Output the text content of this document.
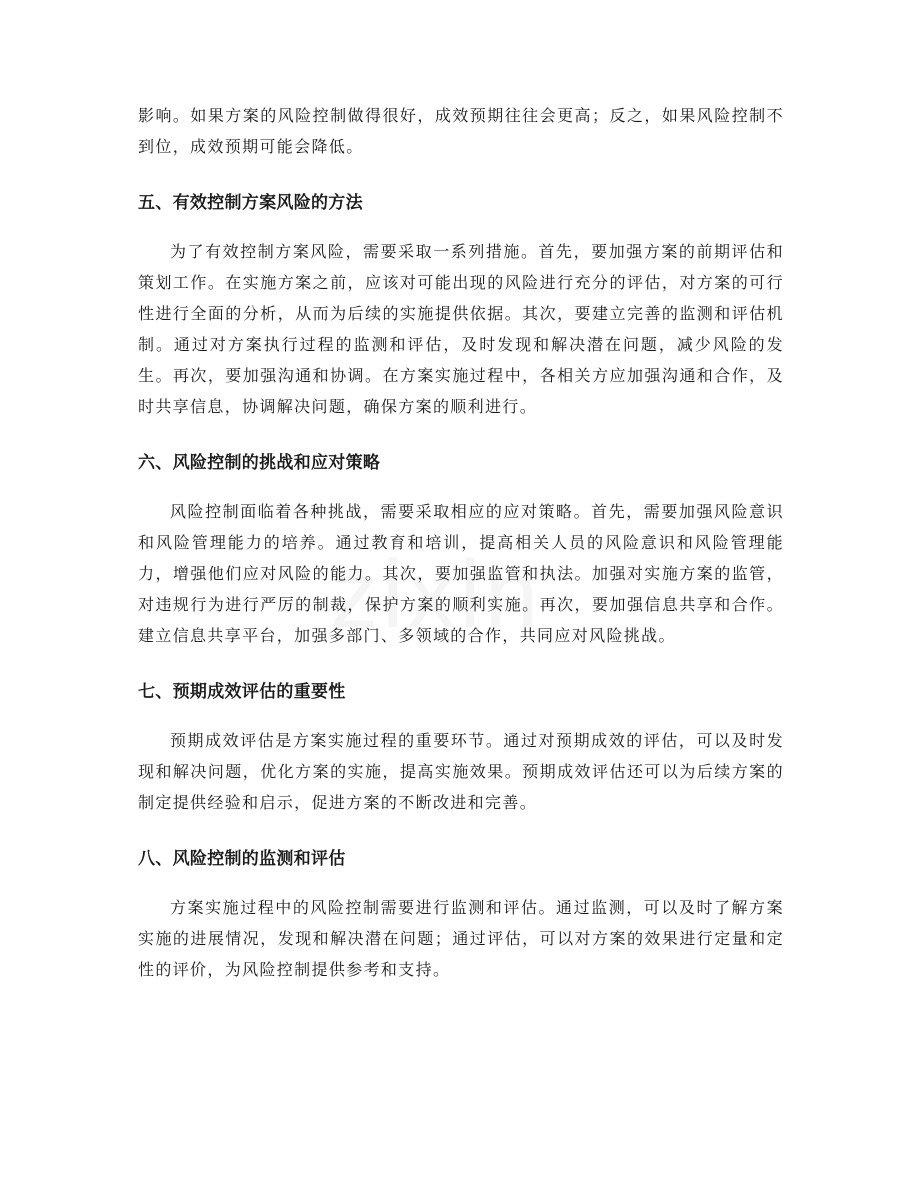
影响。如果方案的风险控制做得很好，成效预期往往会更高；反之，如果风险控制不到位，成效预期可能会降低。

五、有效控制方案风险的方法

为了有效控制方案风险，需要采取一系列措施。首先，要加强方案的前期评估和策划工作。在实施方案之前，应该对可能出现的风险进行充分的评估，对方案的可行性进行全面的分析，从而为后续的实施提供依据。其次，要建立完善的监测和评估机制。通过对方案执行过程的监测和评估，及时发现和解决潜在问题，减少风险的发生。再次，要加强沟通和协调。在方案实施过程中，各相关方应加强沟通和合作，及时共享信息，协调解决问题，确保方案的顺利进行。

六、风险控制的挑战和应对策略

风险控制面临着各种挑战，需要采取相应的应对策略。首先，需要加强风险意识和风险管理能力的培养。通过教育和培训，提高相关人员的风险意识和风险管理能力，增强他们应对风险的能力。其次，要加强监管和执法。加强对实施方案的监管，对违规行为进行严厉的制裁，保护方案的顺利实施。再次，要加强信息共享和合作。建立信息共享平台，加强多部门、多领域的合作，共同应对风险挑战。

七、预期成效评估的重要性

预期成效评估是方案实施过程的重要环节。通过对预期成效的评估，可以及时发现和解决问题，优化方案的实施，提高实施效果。预期成效评估还可以为后续方案的制定提供经验和启示，促进方案的不断改进和完善。

八、风险控制的监测和评估

方案实施过程中的风险控制需要进行监测和评估。通过监测，可以及时了解方案实施的进展情况，发现和解决潜在问题；通过评估，可以对方案的效果进行定量和定性的评价，为风险控制提供参考和支持。
